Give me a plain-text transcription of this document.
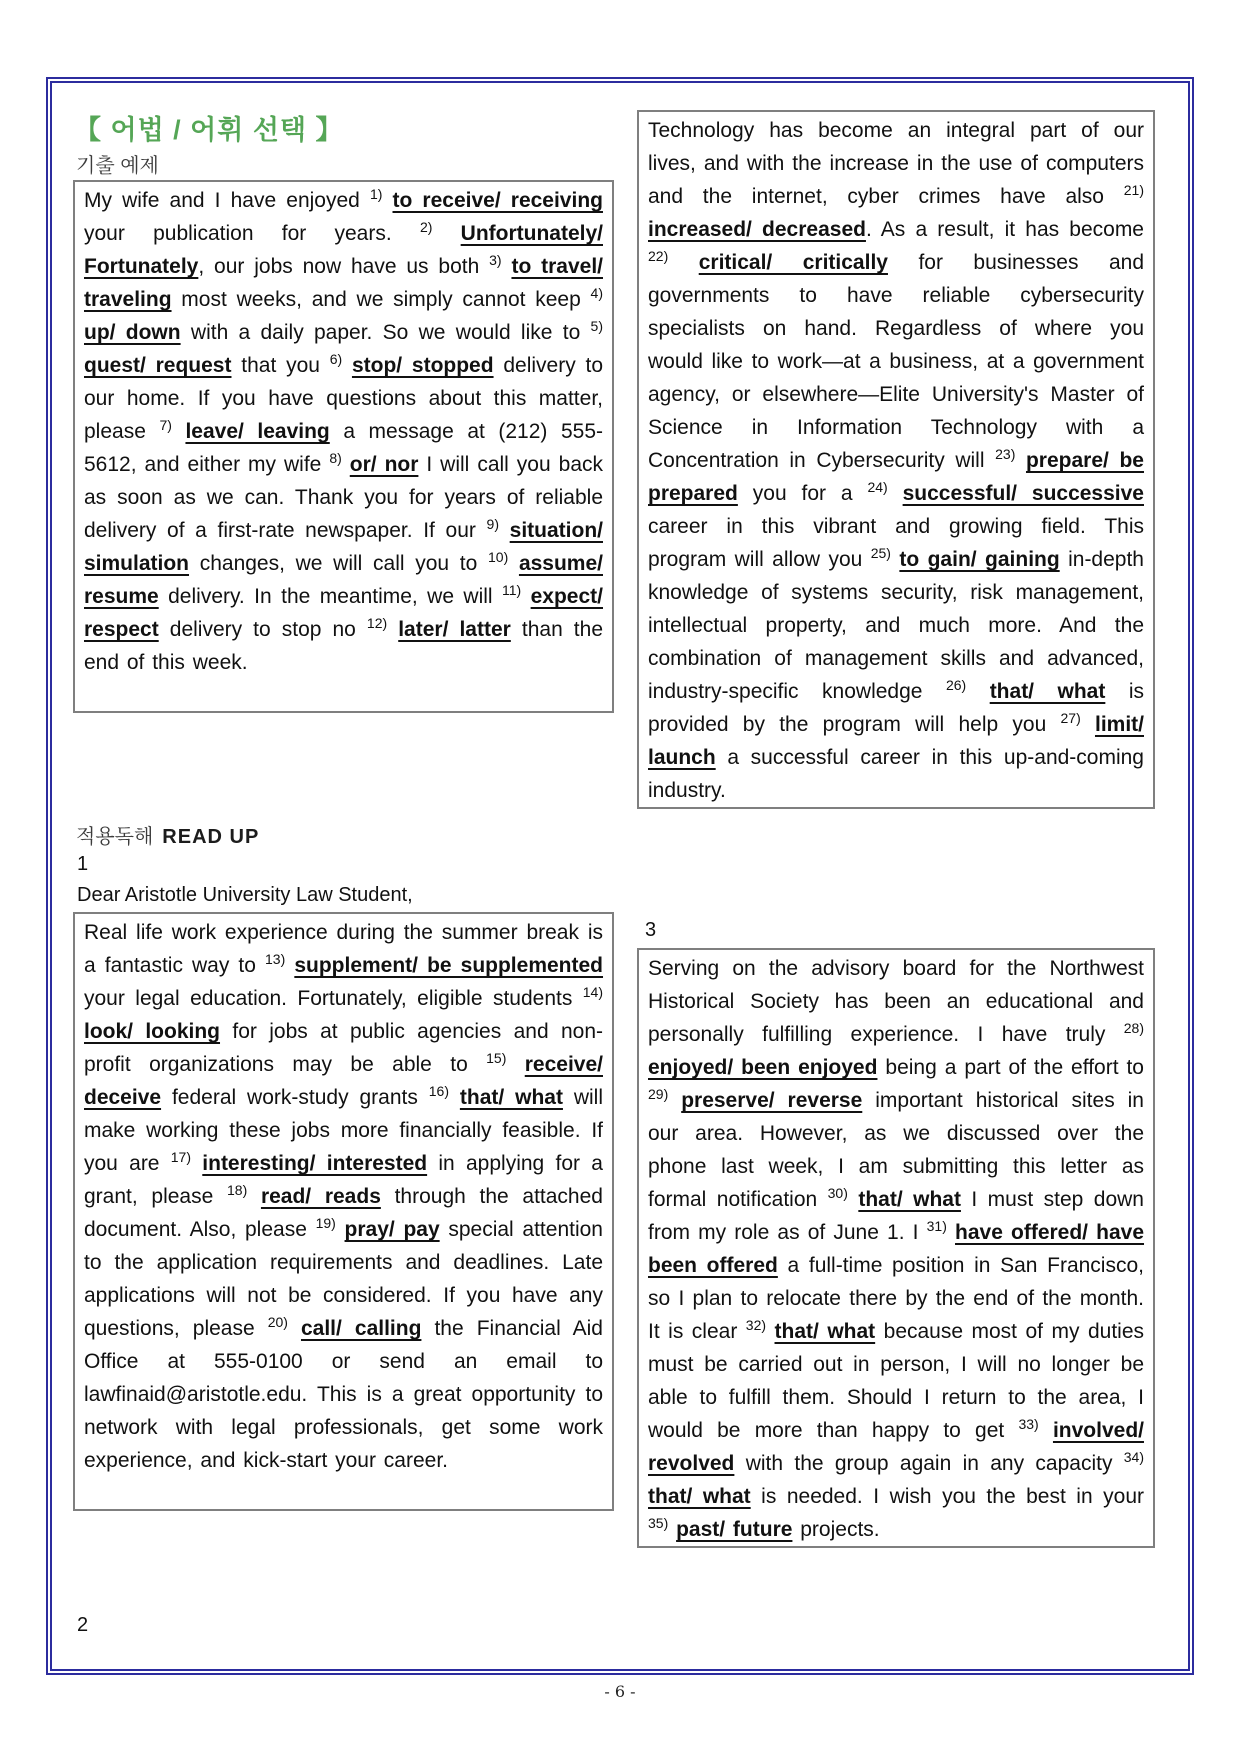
【 어법 / 어휘 선택 】
기출 예제

My wife and I have enjoyed $^{1)}$ to receive/ receiving your publication for years. $^{2)}$ Unfortunately/ Fortunately, our jobs now have us both $^{3)}$ to travel/ traveling most weeks, and we simply cannot keep $^{4)}$ up/ down with a daily paper. So we would like to $^{5)}$ quest/ request that you $^{6)}$ stop/ stopped delivery to our home. If you have questions about this matter, please $^{7)}$ leave/ leaving a message at (212) 555-5612, and either my wife $^{8)}$ or/ nor I will call you back as soon as we can. Thank you for years of reliable delivery of a first-rate newspaper. If our $^{9)}$ situation/ simulation changes, we will call you to $^{10)}$ assume/ resume delivery. In the meantime, we will $^{11)}$ expect/ respect delivery to stop no $^{12)}$ later/ latter than the end of this week.

Technology has become an integral part of our lives, and with the increase in the use of computers and the internet, cyber crimes have also $^{21)}$ increased/ decreased. As a result, it has become $^{22)}$ critical/ critically for businesses and governments to have reliable cybersecurity specialists on hand. Regardless of where you would like to work—at a business, at a government agency, or elsewhere—Elite University's Master of Science in Information Technology with a Concentration in Cybersecurity will $^{23)}$ prepare/ be prepared you for a $^{24)}$ successful/ successive career in this vibrant and growing field. This program will allow you $^{25)}$ to gain/ gaining in-depth knowledge of systems security, risk management, intellectual property, and much more. And the combination of management skills and advanced, industry-specific knowledge $^{26)}$ that/ what is provided by the program will help you $^{27)}$ limit/ launch a successful career in this up-and-coming industry.

적용독해 READ UP
1
Dear Aristotle University Law Student,

Real life work experience during the summer break is a fantastic way to $^{13)}$ supplement/ be supplemented your legal education. Fortunately, eligible students $^{14)}$ look/ looking for jobs at public agencies and non-profit organizations may be able to $^{15)}$ receive/ deceive federal work-study grants $^{16)}$ that/ what will make working these jobs more financially feasible. If you are $^{17)}$ interesting/ interested in applying for a grant, please $^{18)}$ read/ reads through the attached document. Also, please $^{19)}$ pray/ pay special attention to the application requirements and deadlines. Late applications will not be considered. If you have any questions, please $^{20)}$ call/ calling the Financial Aid Office at 555-0100 or send an email to lawfinaid@aristotle.edu. This is a great opportunity to network with legal professionals, get some work experience, and kick-start your career.

3

Serving on the advisory board for the Northwest Historical Society has been an educational and personally fulfilling experience. I have truly $^{28)}$ enjoyed/ been enjoyed being a part of the effort to $^{29)}$ preserve/ reverse important historical sites in our area. However, as we discussed over the phone last week, I am submitting this letter as formal notification $^{30)}$ that/ what I must step down from my role as of June 1. I $^{31)}$ have offered/ have been offered a full-time position in San Francisco, so I plan to relocate there by the end of the month. It is clear $^{32)}$ that/ what because most of my duties must be carried out in person, I will no longer be able to fulfill them. Should I return to the area, I would be more than happy to get $^{33)}$ involved/ revolved with the group again in any capacity $^{34)}$ that/ what is needed. I wish you the best in your $^{35)}$ past/ future projects.

2
- 6 -
